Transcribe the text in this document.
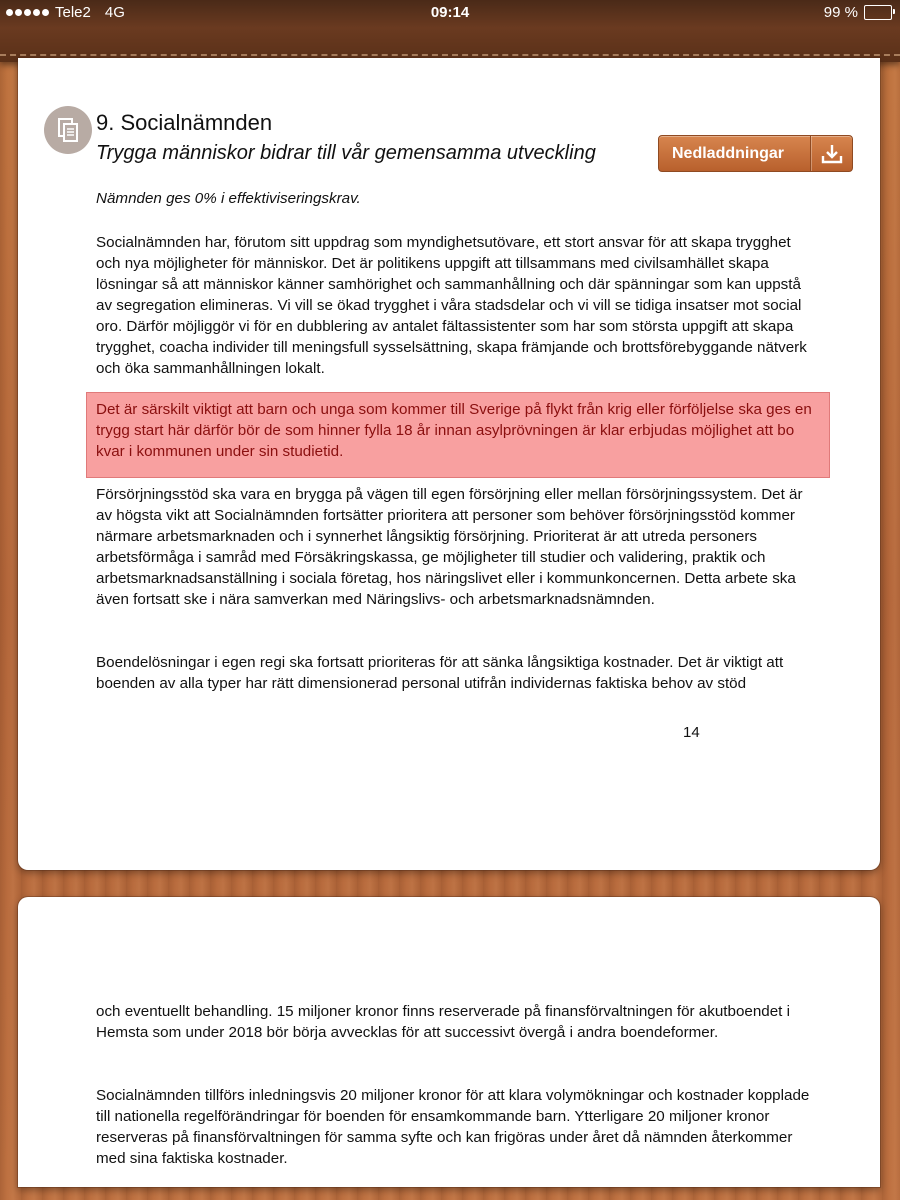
Tele2 4G	09:14	99 %
9. Socialnämnden
Trygga människor bidrar till vår gemensamma utveckling	Nedladdningar

Nämnden ges 0% i effektiviseringskrav.

Socialnämnden har, förutom sitt uppdrag som myndighetsutövare, ett stort ansvar för att skapa trygghet och nya möjligheter för människor. Det är politikens uppgift att tillsammans med civilsamhället skapa lösningar så att människor känner samhörighet och sammanhållning och där spänningar som kan uppstå av segregation elimineras. Vi vill se ökad trygghet i våra stadsdelar och vi vill se tidiga insatser mot social oro. Därför möjliggör vi för en dubblering av antalet fältassistenter som har som största uppgift att skapa trygghet, coacha individer till meningsfull sysselsättning, skapa främjande och brottsförebyggande nätverk och öka sammanhållningen lokalt.

Det är särskilt viktigt att barn och unga som kommer till Sverige på flykt från krig eller förföljelse ska ges en trygg start här därför bör de som hinner fylla 18 år innan asylprövningen är klar erbjudas möjlighet att bo kvar i kommunen under sin studietid.

Försörjningsstöd ska vara en brygga på vägen till egen försörjning eller mellan försörjningssystem. Det är av högsta vikt att Socialnämnden fortsätter prioritera att personer som behöver försörjningsstöd kommer närmare arbetsmarknaden och i synnerhet långsiktig försörjning. Prioriterat är att utreda personers arbetsförmåga i samråd med Försäkringskassa, ge möjligheter till studier och validering, praktik och arbetsmarknadsanställning i sociala företag, hos näringslivet eller i kommunkoncernen. Detta arbete ska även fortsatt ske i nära samverkan med Näringslivs- och arbetsmarknadsnämnden.

Boendelösningar i egen regi ska fortsatt prioriteras för att sänka långsiktiga kostnader. Det är viktigt att boenden av alla typer har rätt dimensionerad personal utifrån individernas faktiska behov av stöd

14

och eventuellt behandling. 15 miljoner kronor finns reserverade på finansförvaltningen för akutboendet i Hemsta som under 2018 bör börja avvecklas för att successivt övergå i andra boendeformer.

Socialnämnden tillförs inledningsvis 20 miljoner kronor för att klara volymökningar och kostnader kopplade till nationella regelförändringar för boenden för ensamkommande barn. Ytterligare 20 miljoner kronor reserveras på finansförvaltningen för samma syfte och kan frigöras under året då nämnden återkommer med sina faktiska kostnader.
